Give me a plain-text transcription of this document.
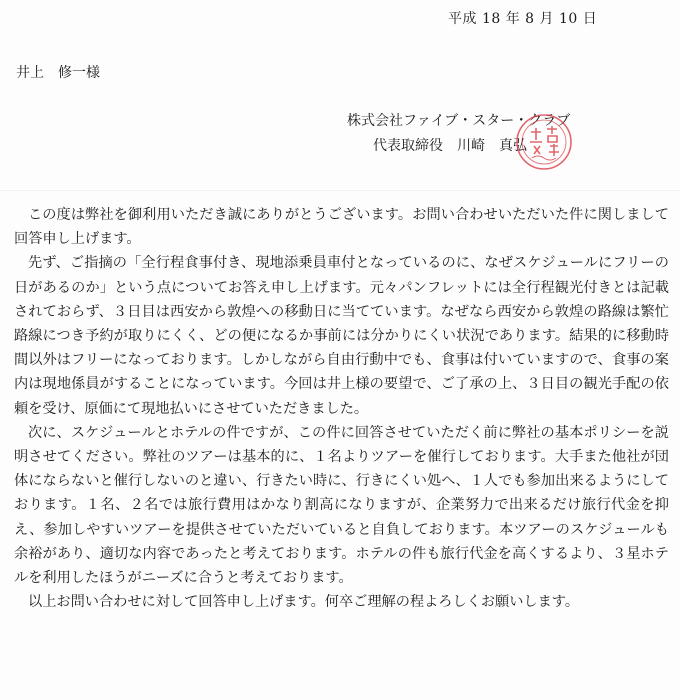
平成 18 年 8 月 10 日
井上　修一様
株式会社ファイブ・スター・クラブ
代表取締役　川崎　真弘

この度は弊社を御利用いただき誠にありがとうございます。お問い合わせいただいた件に関しまして回答申し上げます。

先ず、ご指摘の「全行程食事付き、現地添乗員車付となっているのに、なぜスケジュールにフリーの日があるのか」という点についてお答え申し上げます。元々パンフレットには全行程観光付きとは記載されておらず、３日目は西安から敦煌への移動日に当てています。なぜなら西安から敦煌の路線は繁忙路線につき予約が取りにくく、どの便になるか事前には分かりにくい状況であります。結果的に移動時間以外はフリーになっております。しかしながら自由行動中でも、食事は付いていますので、食事の案内は現地係員がすることになっています。今回は井上様の要望で、ご了承の上、３日目の観光手配の依頼を受け、原価にて現地払いにさせていただきました。

次に、スケジュールとホテルの件ですが、この件に回答させていただく前に弊社の基本ポリシーを説明させてください。弊社のツアーは基本的に、１名よりツアーを催行しております。大手また他社が団体にならないと催行しないのと違い、行きたい時に、行きにくい処へ、１人でも参加出来るようにしております。１名、２名では旅行費用はかなり割高になりますが、企業努力で出来るだけ旅行代金を抑え、参加しやすいツアーを提供させていただいていると自負しております。本ツアーのスケジュールも余裕があり、適切な内容であったと考えております。ホテルの件も旅行代金を高くするより、３星ホテルを利用したほうがニーズに合うと考えております。

以上お問い合わせに対して回答申し上げます。何卒ご理解の程よろしくお願いします。
